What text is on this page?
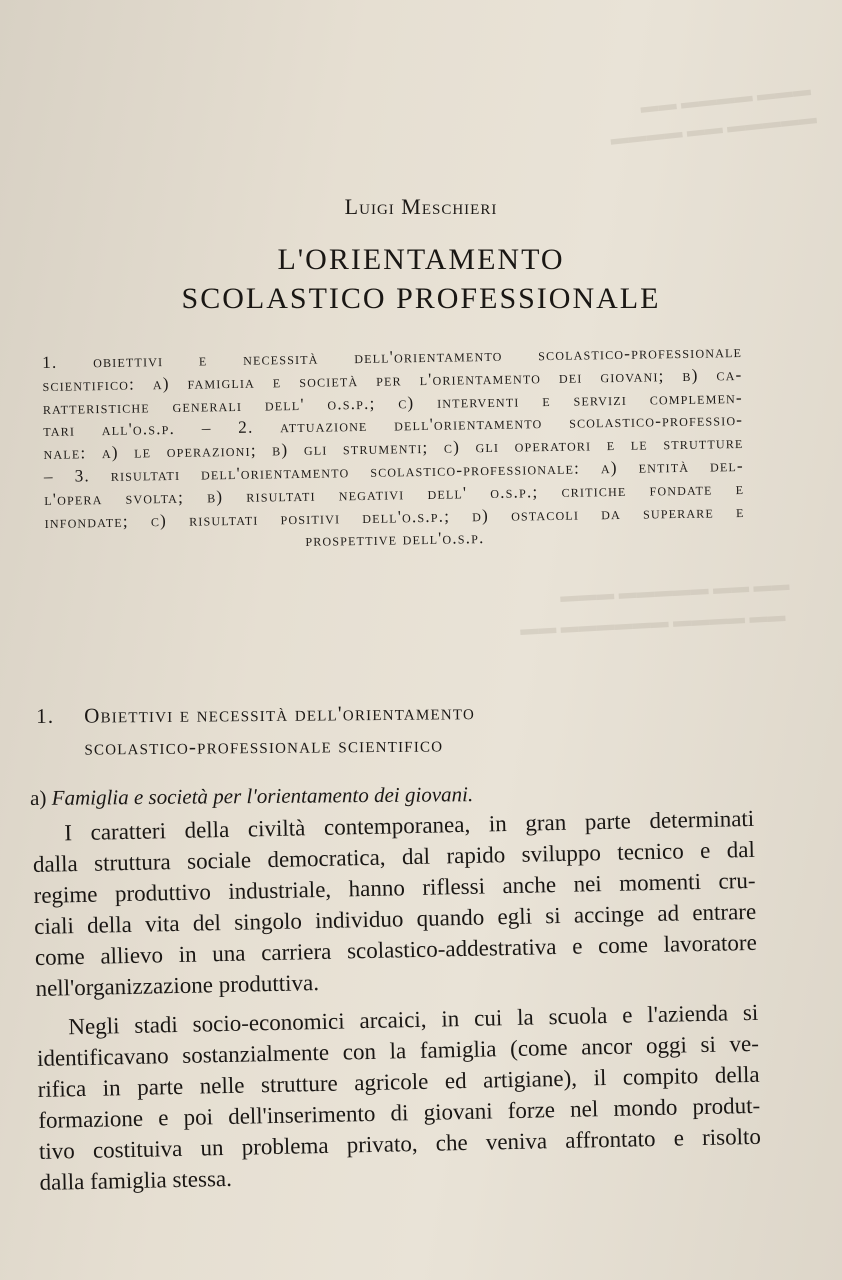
▬▬ ▬▬▬▬ ▬▬▬
▬▬▬▬ ▬▬ ▬▬▬▬▬
▬▬▬ ▬▬▬▬▬ ▬▬ ▬▬
▬▬ ▬▬▬▬▬▬ ▬▬▬▬ ▬▬
Luigi Meschieri
L'ORIENTAMENTO
SCOLASTICO PROFESSIONALE
1. obiettivi e necessità dell'orientamento scolastico-professionale
scientifico: a) famiglia e società per l'orientamento dei giovani; b) ca-
ratteristiche generali dell' o.s.p.; c) interventi e servizi complemen-
tari all'o.s.p. – 2. attuazione dell'orientamento scolastico-professio-
nale: a) le operazioni; b) gli strumenti; c) gli operatori e le strutture
– 3. risultati dell'orientamento scolastico-professionale: a) entità del-
l'opera svolta; b) risultati negativi dell' o.s.p.; critiche fondate e
infondate; c) risultati positivi dell'o.s.p.; d) ostacoli da superare e
prospettive dell'o.s.p.
1. Obiettivi e necessità dell'orientamento
scolastico-professionale scientifico
a) Famiglia e società per l'orientamento dei giovani.
I caratteri della civiltà contemporanea, in gran parte determinati
dalla struttura sociale democratica, dal rapido sviluppo tecnico e dal
regime produttivo industriale, hanno riflessi anche nei momenti cru-
ciali della vita del singolo individuo quando egli si accinge ad entrare
come allievo in una carriera scolastico-addestrativa e come lavoratore
nell'organizzazione produttiva.
Negli stadi socio-economici arcaici, in cui la scuola e l'azienda si
identificavano sostanzialmente con la famiglia (come ancor oggi si ve-
rifica in parte nelle strutture agricole ed artigiane), il compito della
formazione e poi dell'inserimento di giovani forze nel mondo produt-
tivo costituiva un problema privato, che veniva affrontato e risolto
dalla famiglia stessa.
